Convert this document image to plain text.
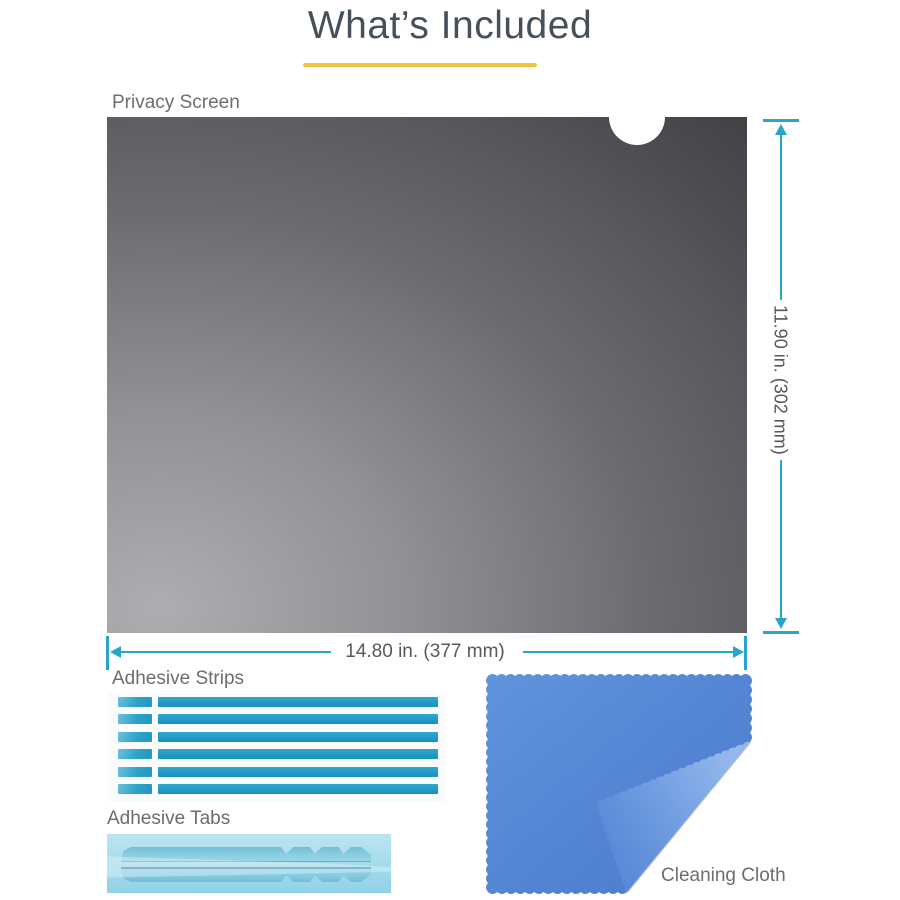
What’s Included
Privacy Screen
11.90 in. (302 mm)
14.80 in. (377 mm)
Adhesive Strips
Adhesive Tabs
Cleaning Cloth
